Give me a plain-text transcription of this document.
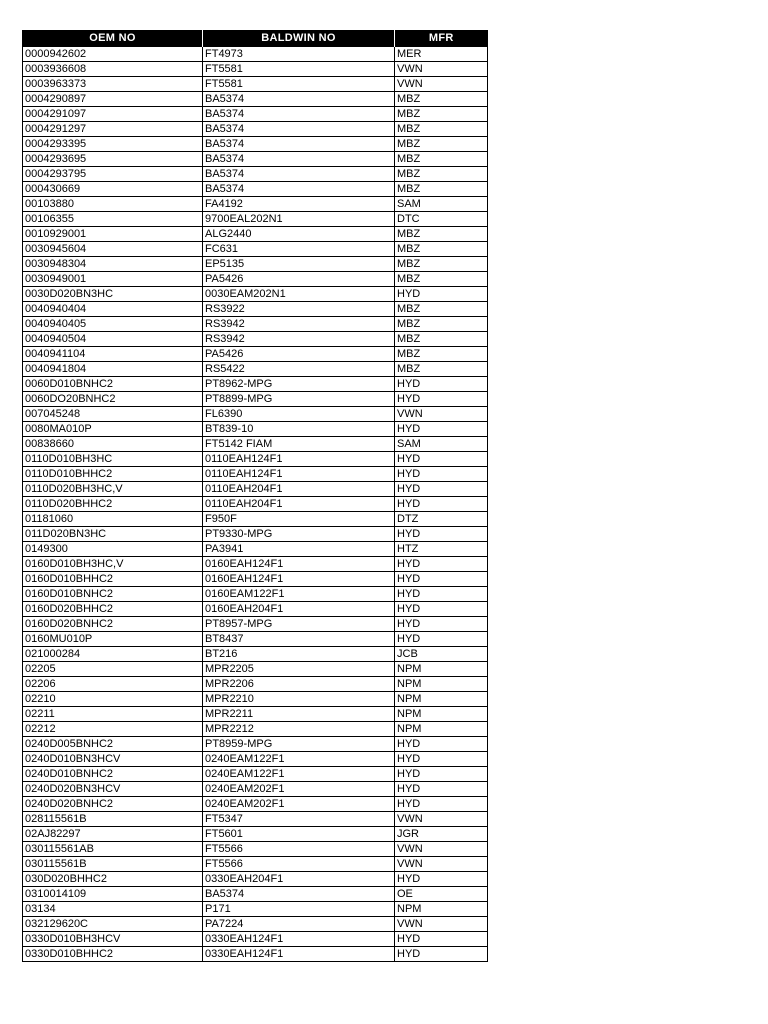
OEM NO	BALDWIN NO	MFR
0000942602	FT4973	MER
0003936608	FT5581	VWN
0003963373	FT5581	VWN
0004290897	BA5374	MBZ
0004291097	BA5374	MBZ
0004291297	BA5374	MBZ
0004293395	BA5374	MBZ
0004293695	BA5374	MBZ
0004293795	BA5374	MBZ
000430669	BA5374	MBZ
00103880	FA4192	SAM
00106355	9700EAL202N1	DTC
0010929001	ALG2440	MBZ
0030945604	FC631	MBZ
0030948304	EP5135	MBZ
0030949001	PA5426	MBZ
0030D020BN3HC	0030EAM202N1	HYD
0040940404	RS3922	MBZ
0040940405	RS3942	MBZ
0040940504	RS3942	MBZ
0040941104	PA5426	MBZ
0040941804	RS5422	MBZ
0060D010BNHC2	PT8962-MPG	HYD
0060DO20BNHC2	PT8899-MPG	HYD
007045248	FL6390	VWN
0080MA010P	BT839-10	HYD
00838660	FT5142 FIAM	SAM
0110D010BH3HC	0110EAH124F1	HYD
0110D010BHHC2	0110EAH124F1	HYD
0110D020BH3HC,V	0110EAH204F1	HYD
0110D020BHHC2	0110EAH204F1	HYD
01181060	F950F	DTZ
011D020BN3HC	PT9330-MPG	HYD
0149300	PA3941	HTZ
0160D010BH3HC,V	0160EAH124F1	HYD
0160D010BHHC2	0160EAH124F1	HYD
0160D010BNHC2	0160EAM122F1	HYD
0160D020BHHC2	0160EAH204F1	HYD
0160D020BNHC2	PT8957-MPG	HYD
0160MU010P	BT8437	HYD
021000284	BT216	JCB
02205	MPR2205	NPM
02206	MPR2206	NPM
02210	MPR2210	NPM
02211	MPR2211	NPM
02212	MPR2212	NPM
0240D005BNHC2	PT8959-MPG	HYD
0240D010BN3HCV	0240EAM122F1	HYD
0240D010BNHC2	0240EAM122F1	HYD
0240D020BN3HCV	0240EAM202F1	HYD
0240D020BNHC2	0240EAM202F1	HYD
028115561B	FT5347	VWN
02AJ82297	FT5601	JGR
030115561AB	FT5566	VWN
030115561B	FT5566	VWN
030D020BHHC2	0330EAH204F1	HYD
0310014109	BA5374	OE
03134	P171	NPM
032129620C	PA7224	VWN
0330D010BH3HCV	0330EAH124F1	HYD
0330D010BHHC2	0330EAH124F1	HYD
